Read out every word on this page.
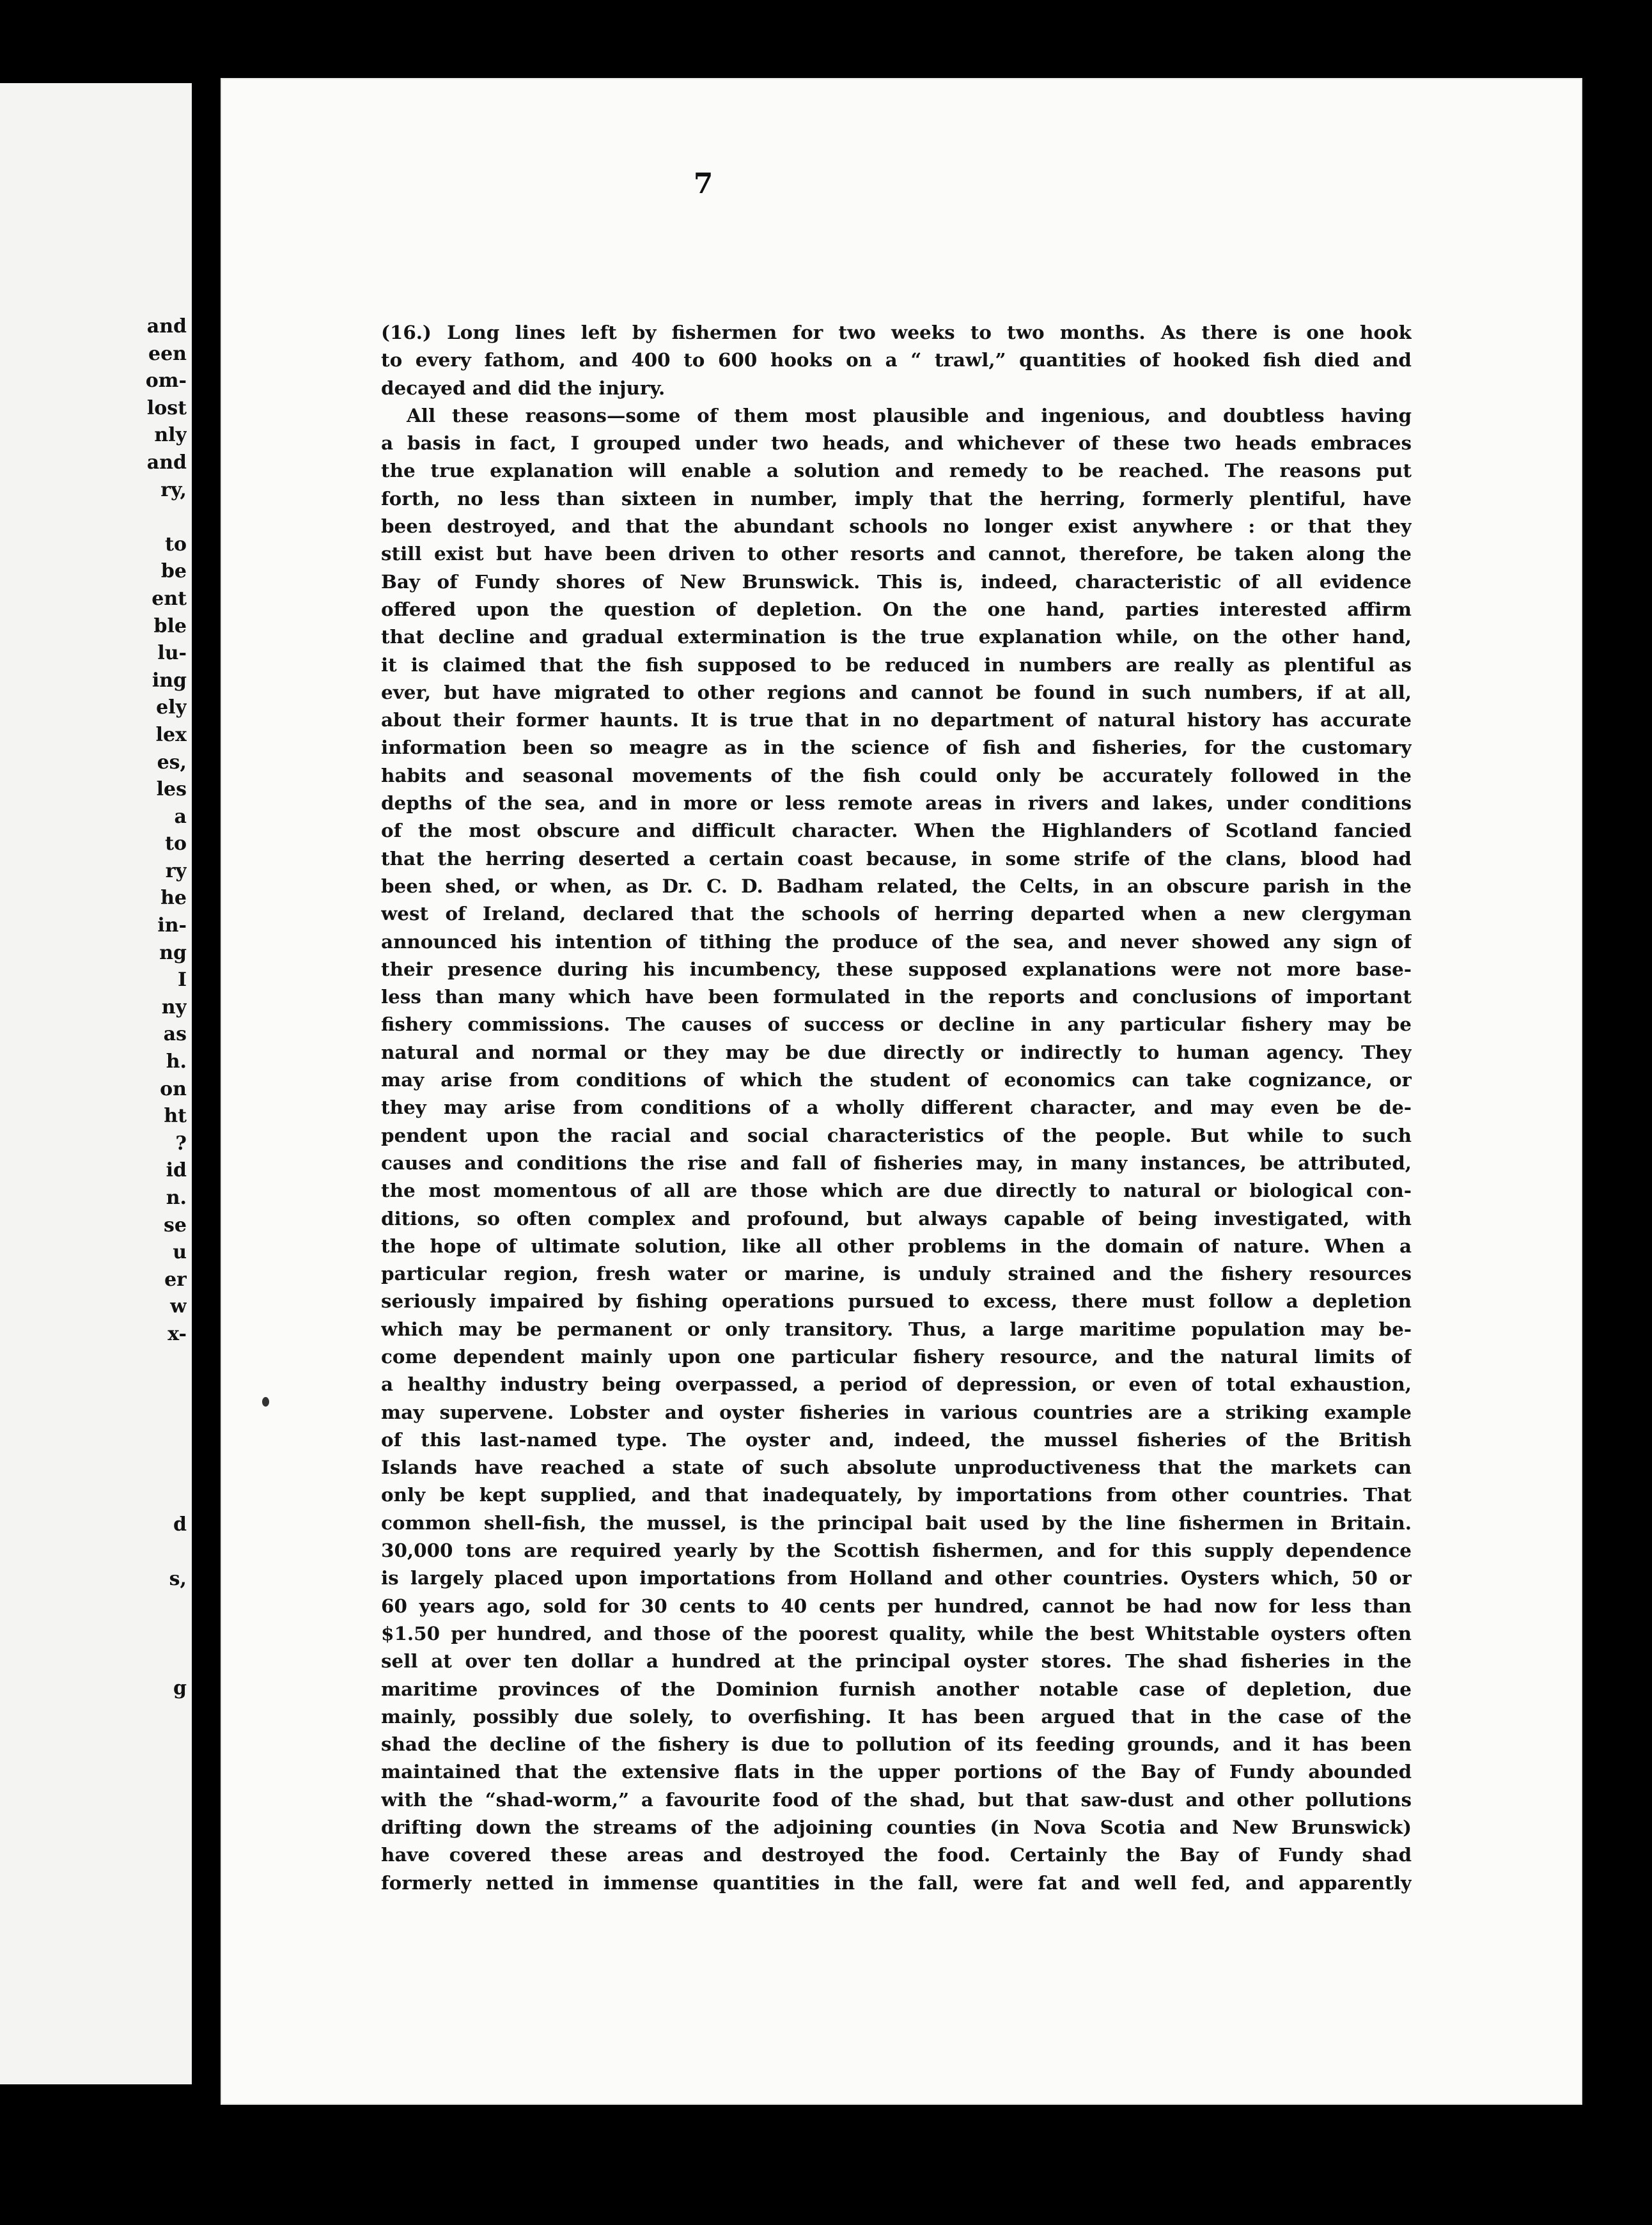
and
een
om-
lost
nly
and
ry,
to
be
ent
ble
lu-
ing
ely
lex
es,
les
a
to
ry
he
in-
ng
I
ny
as
h.
on
ht
?
id
n.
se
u
er
w
x-
d
s,
g
7
(16.) Long lines left by fishermen for two weeks to two months. As there is one hook
to every fathom, and 400 to 600 hooks on a “ trawl,” quantities of hooked fish died and
decayed and did the injury.
All these reasons—some of them most plausible and ingenious, and doubtless having
a basis in fact, I grouped under two heads, and whichever of these two heads embraces
the true explanation will enable a solution and remedy to be reached. The reasons put
forth, no less than sixteen in number, imply that the herring, formerly plentiful, have
been destroyed, and that the abundant schools no longer exist anywhere : or that they
still exist but have been driven to other resorts and cannot, therefore, be taken along the
Bay of Fundy shores of New Brunswick. This is, indeed, characteristic of all evidence
offered upon the question of depletion. On the one hand, parties interested affirm
that decline and gradual extermination is the true explanation while, on the other hand,
it is claimed that the fish supposed to be reduced in numbers are really as plentiful as
ever, but have migrated to other regions and cannot be found in such numbers, if at all,
about their former haunts. It is true that in no department of natural history has accurate
information been so meagre as in the science of fish and fisheries, for the customary
habits and seasonal movements of the fish could only be accurately followed in the
depths of the sea, and in more or less remote areas in rivers and lakes, under conditions
of the most obscure and difficult character. When the Highlanders of Scotland fancied
that the herring deserted a certain coast because, in some strife of the clans, blood had
been shed, or when, as Dr. C. D. Badham related, the Celts, in an obscure parish in the
west of Ireland, declared that the schools of herring departed when a new clergyman
announced his intention of tithing the produce of the sea, and never showed any sign of
their presence during his incumbency, these supposed explanations were not more base-
less than many which have been formulated in the reports and conclusions of important
fishery commissions. The causes of success or decline in any particular fishery may be
natural and normal or they may be due directly or indirectly to human agency. They
may arise from conditions of which the student of economics can take cognizance, or
they may arise from conditions of a wholly different character, and may even be de-
pendent upon the racial and social characteristics of the people. But while to such
causes and conditions the rise and fall of fisheries may, in many instances, be attributed,
the most momentous of all are those which are due directly to natural or biological con-
ditions, so often complex and profound, but always capable of being investigated, with
the hope of ultimate solution, like all other problems in the domain of nature. When a
particular region, fresh water or marine, is unduly strained and the fishery resources
seriously impaired by fishing operations pursued to excess, there must follow a depletion
which may be permanent or only transitory. Thus, a large maritime population may be-
come dependent mainly upon one particular fishery resource, and the natural limits of
a healthy industry being overpassed, a period of depression, or even of total exhaustion,
may supervene. Lobster and oyster fisheries in various countries are a striking example
of this last-named type. The oyster and, indeed, the mussel fisheries of the British
Islands have reached a state of such absolute unproductiveness that the markets can
only be kept supplied, and that inadequately, by importations from other countries. That
common shell-fish, the mussel, is the principal bait used by the line fishermen in Britain.
30,000 tons are required yearly by the Scottish fishermen, and for this supply dependence
is largely placed upon importations from Holland and other countries. Oysters which, 50 or
60 years ago, sold for 30 cents to 40 cents per hundred, cannot be had now for less than
$1.50 per hundred, and those of the poorest quality, while the best Whitstable oysters often
sell at over ten dollar a hundred at the principal oyster stores. The shad fisheries in the
maritime provinces of the Dominion furnish another notable case of depletion, due
mainly, possibly due solely, to overfishing. It has been argued that in the case of the
shad the decline of the fishery is due to pollution of its feeding grounds, and it has been
maintained that the extensive flats in the upper portions of the Bay of Fundy abounded
with the “shad-worm,” a favourite food of the shad, but that saw-dust and other pollutions
drifting down the streams of the adjoining counties (in Nova Scotia and New Brunswick)
have covered these areas and destroyed the food. Certainly the Bay of Fundy shad
formerly netted in immense quantities in the fall, were fat and well fed, and apparently
